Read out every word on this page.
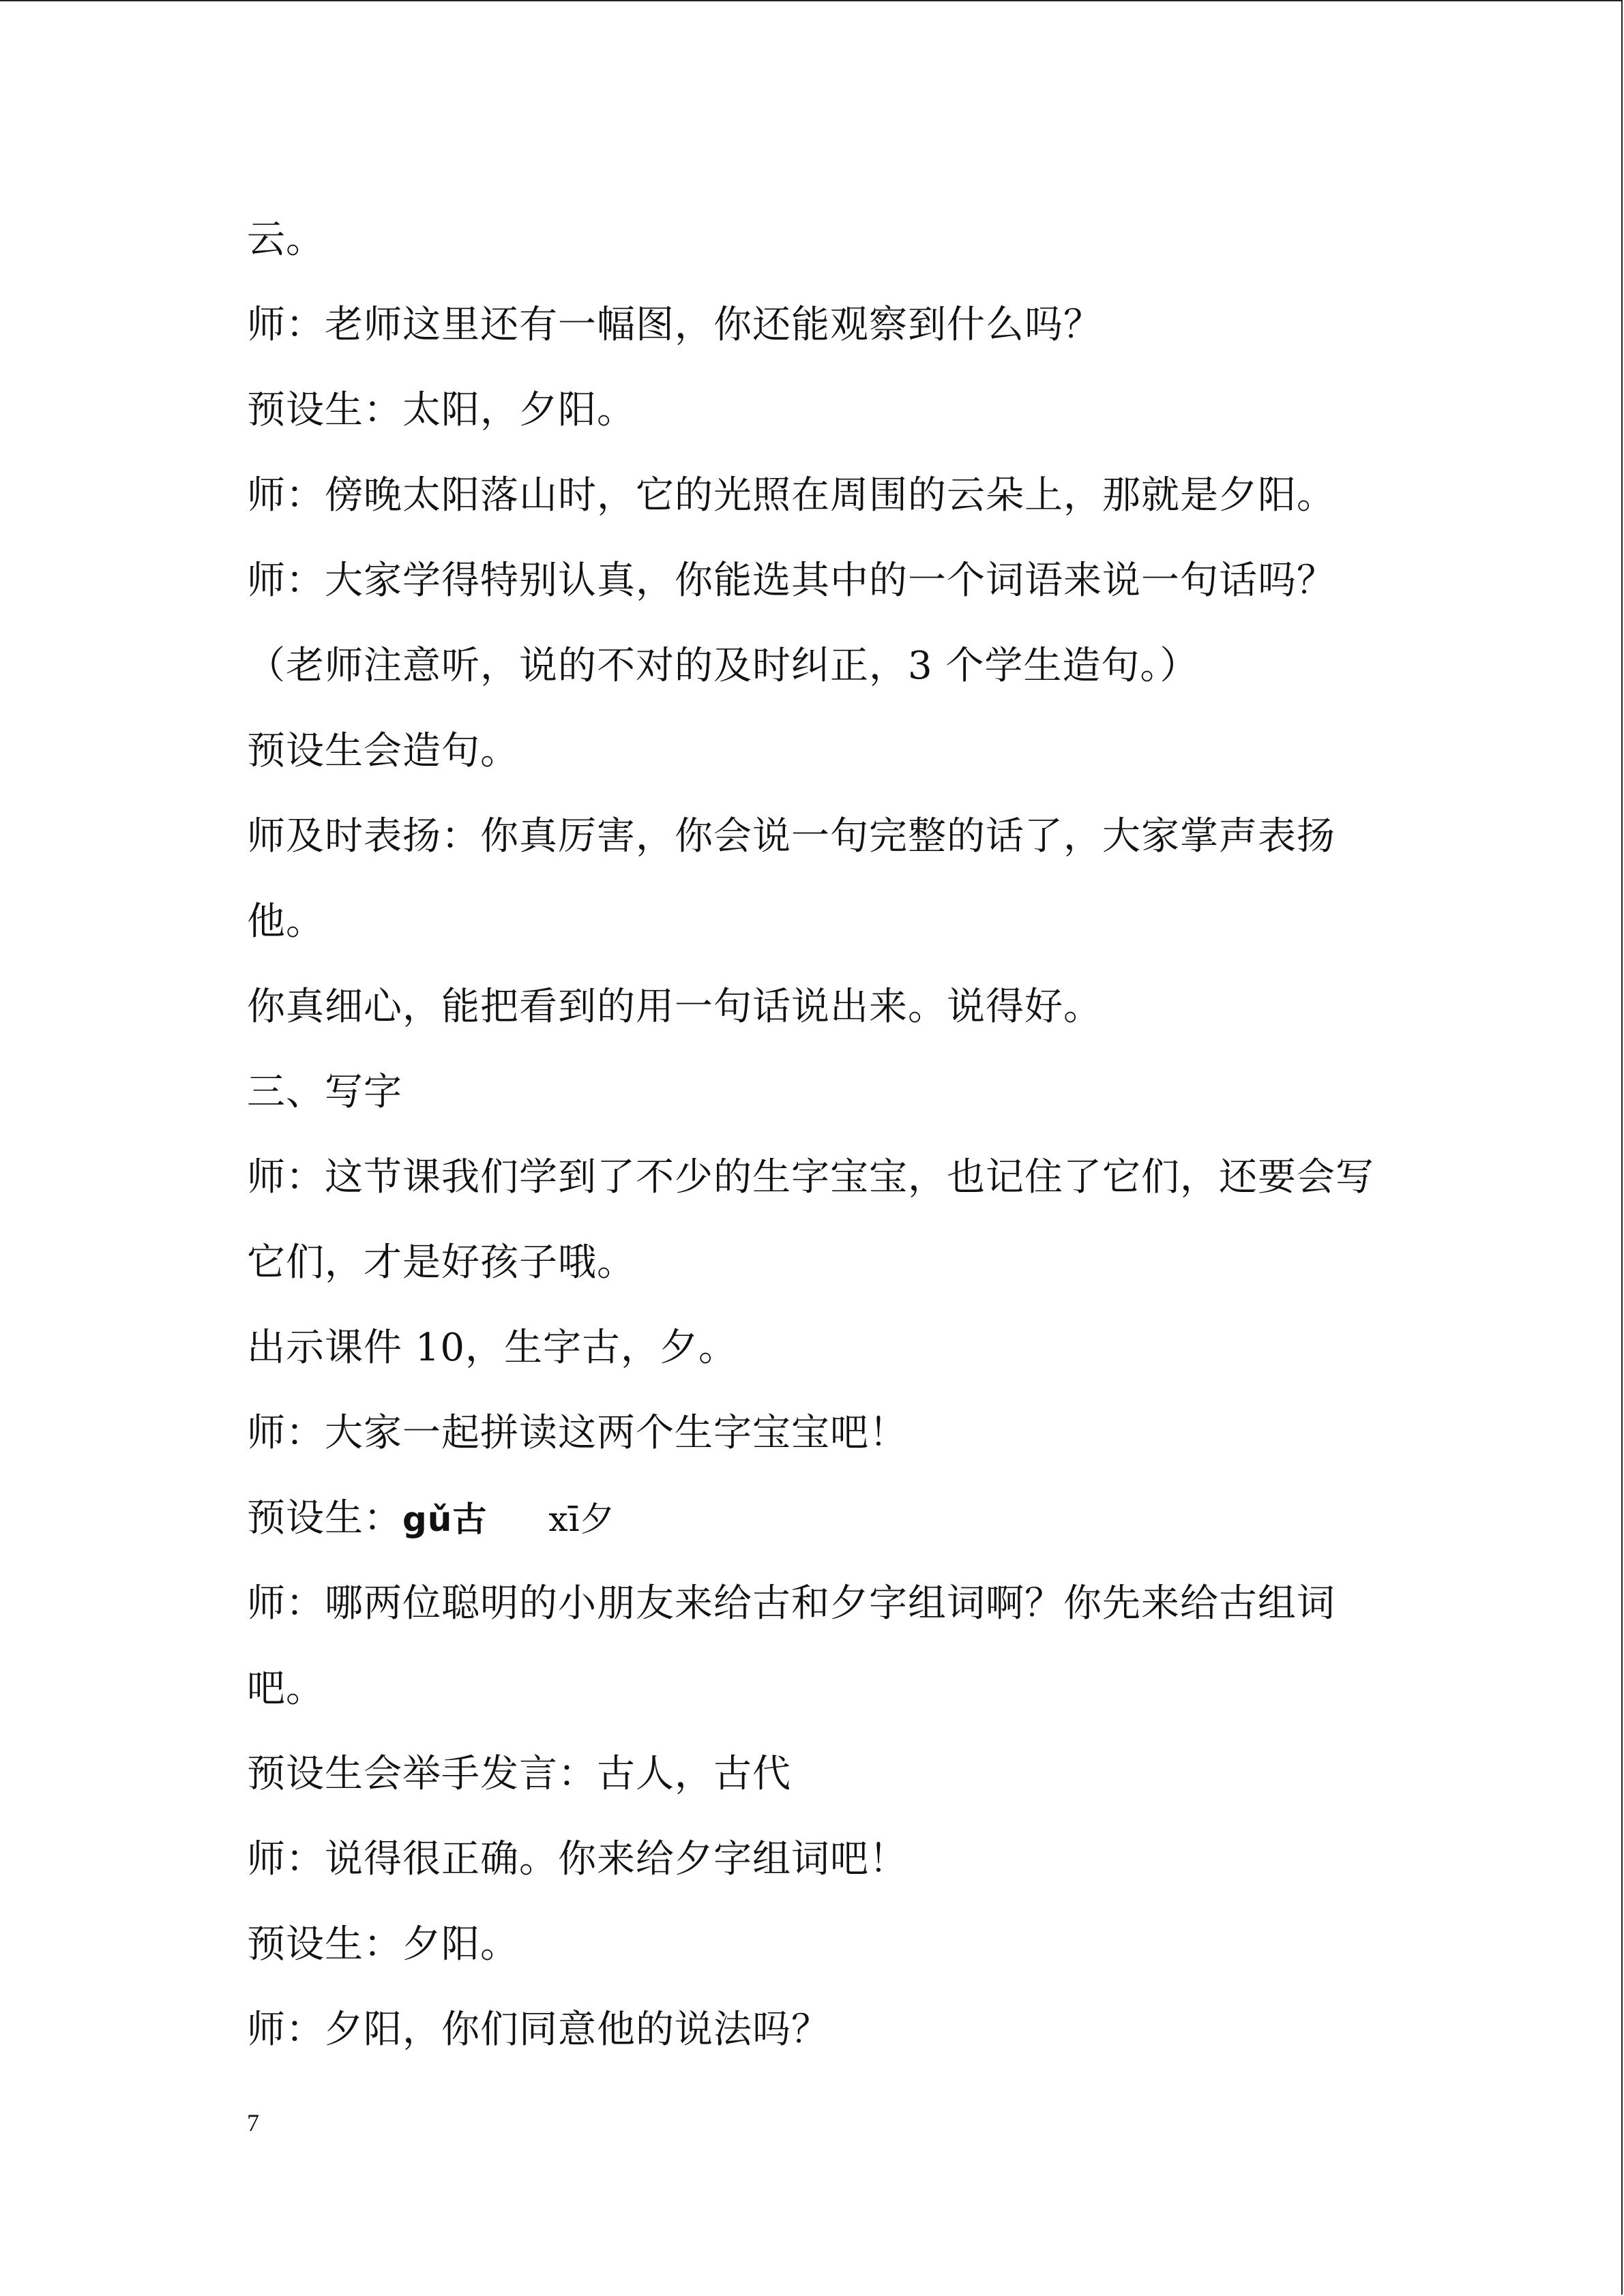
云。
师：老师这里还有一幅图，你还能观察到什么吗？
预设生：太阳，夕阳。
师：傍晚太阳落山时，它的光照在周围的云朵上，那就是夕阳。
师：大家学得特别认真，你能选其中的一个词语来说一句话吗？
（老师注意听，说的不对的及时纠正，3 个学生造句。）
预设生会造句。
师及时表扬：你真厉害，你会说一句完整的话了，大家掌声表扬
他。
你真细心，能把看到的用一句话说出来。说得好。
三、写字
师：这节课我们学到了不少的生字宝宝，也记住了它们，还要会写
它们，才是好孩子哦。
出示课件 10，生字古，夕。
师：大家一起拼读这两个生字宝宝吧！
预设生：gǔ古 xī夕
师：哪两位聪明的小朋友来给古和夕字组词啊？你先来给古组词
吧。
预设生会举手发言：古人，古代
师：说得很正确。你来给夕字组词吧！
预设生：夕阳。
师：夕阳，你们同意他的说法吗？
7
